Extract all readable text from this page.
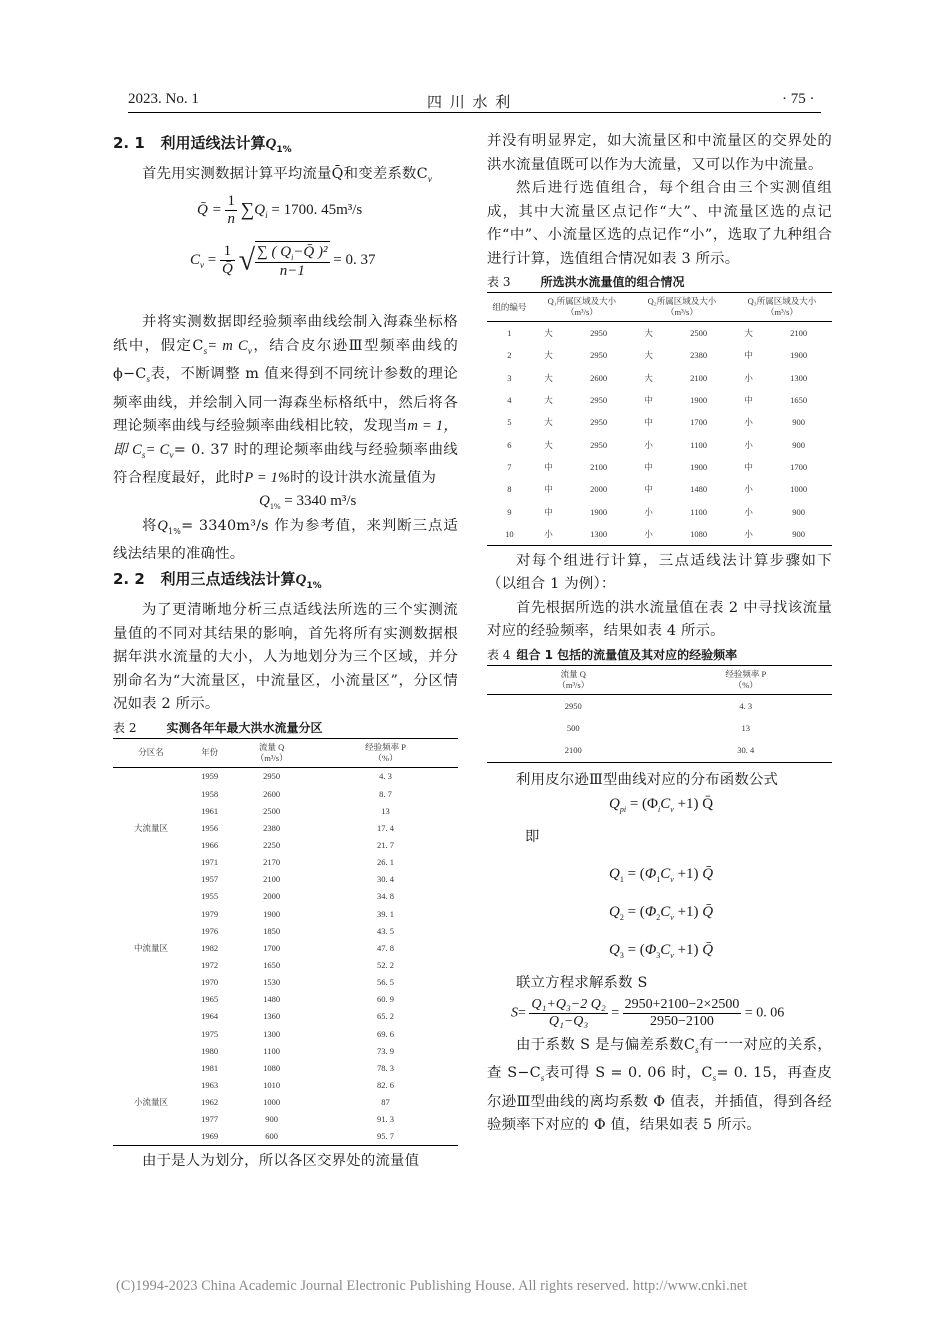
2023. No. 1	四 川 水 利	· 75 ·
2. 1 利用适线法计算$Q_{1\%}$

首先用实测数据计算平均流量Q̄和变差系数$C_v$

Q̄ = $\frac{1}{n} \sum Q_i = 1700$. 45m³/s
$C_v = \frac{1}{Q̄}$ √ $\frac{\sum ( Q_i-Q̄ )^2}{n-1} = 0$. 37

并将实测数据即经验频率曲线绘制入海森坐标格纸中，假定$C_s= m$ $C_v$，结合皮尔逊Ⅲ型频率曲线的 $\phi-C_s$表，不断调整 m 值来得到不同统计参数的理论频率曲线，并绘制入同一海森坐标格纸中，然后将各理论频率曲线与经验频率曲线相比较，发现当m = 1，即 $C_s= C_v= 0$. 37 时的理论频率曲线与经验频率曲线符合程度最好，此时P = 1%时的设计洪水流量值为

$Q_{1\%} = 3340$ m³/s

将$Q_{1\%}= 3340m^3/s$ 作为参考值，来判断三点适线法结果的准确性。

2. 2 利用三点适线法计算$Q_{1\%}$

为了更清晰地分析三点适线法所选的三个实测流量值的不同对其结果的影响，首先将所有实测数据根据年洪水流量的大小，人为地划分为三个区域，并分别命名为“大流量区，中流量区，小流量区”，分区情况如表 2 所示。

表 2	实测各年年最大洪水流量分区
分区名	年份	流量 Q
（m³/s）	经验频率 P
（%）
	1959	2950	4. 3
	1958	2600	8. 7
	1961	2500	13
大流量区	1956	2380	17. 4
	1966	2250	21. 7
	1971	2170	26. 1
	1957	2100	30. 4
	1955	2000	34. 8
	1979	1900	39. 1
	1976	1850	43. 5
中流量区	1982	1700	47. 8
	1972	1650	52. 2
	1970	1530	56. 5
	1965	1480	60. 9
	1964	1360	65. 2
	1975	1300	69. 6
	1980	1100	73. 9
	1981	1080	78. 3
	1963	1010	82. 6
小流量区	1962	1000	87
	1977	900	91. 3
	1969	600	95. 7

由于是人为划分，所以各区交界处的流量值

并没有明显界定，如大流量区和中流量区的交界处的洪水流量值既可以作为大流量，又可以作为中流量。

然后进行选值组合，每个组合由三个实测值组成，其中大流量区点记作“大”、中流量区选的点记作“中”、小流量区选的点记作“小”，选取了九种组合进行计算，选值组合情况如表 3 所示。

表 3	所选洪水流量值的组合情况
组的编号	Q₁所属区域及大小
（m³/s）		Q₂所属区域及大小
（m³/s）		Q₃所属区域及大小
（m³/s）	
1	大	2950	大	2500	大	2100
2	大	2950	大	2380	中	1900
3	大	2600	大	2100	小	1300
4	大	2950	中	1900	中	1650
5	大	2950	中	1700	小	900
6	大	2950	小	1100	小	900
7	中	2100	中	1900	中	1700
8	中	2000	中	1480	小	1000
9	中	1900	小	1100	小	900
10	小	1300	小	1080	小	900

对每个组进行计算，三点适线法计算步骤如下（以组合 1 为例）：

首先根据所选的洪水流量值在表 2 中寻找该流量对应的经验频率，结果如表 4 所示。

表 4 组合 1 包括的流量值及其对应的经验频率
流量 Q
（m³/s）	经验频率 P
（%）
2950	4. 3
500	13
2100	30. 4

利用皮尔逊Ⅲ型曲线对应的分布函数公式

$Q_{pi} = (\Phi_iC_v +1)$ Q̄

即

$Q_1 = (\Phi_1C_v +1)$ Q̄
$Q_2 = (\Phi_2C_v +1)$ Q̄
$Q_3 = (\Phi_3C_v +1)$ Q̄

联立方程求解系数 S

$S= \frac{\text{Q₁+Q₃−2 Q₂}}{\text{Q₁−Q₃}} = \frac{2950+2100-2\times 2500}{2950-2100} = 0$. 06

由于系数 S 是与偏差系数$C_s$有一一对应的关系，查 $S-C_s$表可得 S = 0. 06 时，$C_s= 0$. 15，再查皮尔逊Ⅲ型曲线的离均系数 Φ 值表，并插值，得到各经验频率下对应的 Φ 值，结果如表 5 所示。

(C)1994-2023 China Academic Journal Electronic Publishing House. All rights reserved. http://www.cnki.net
